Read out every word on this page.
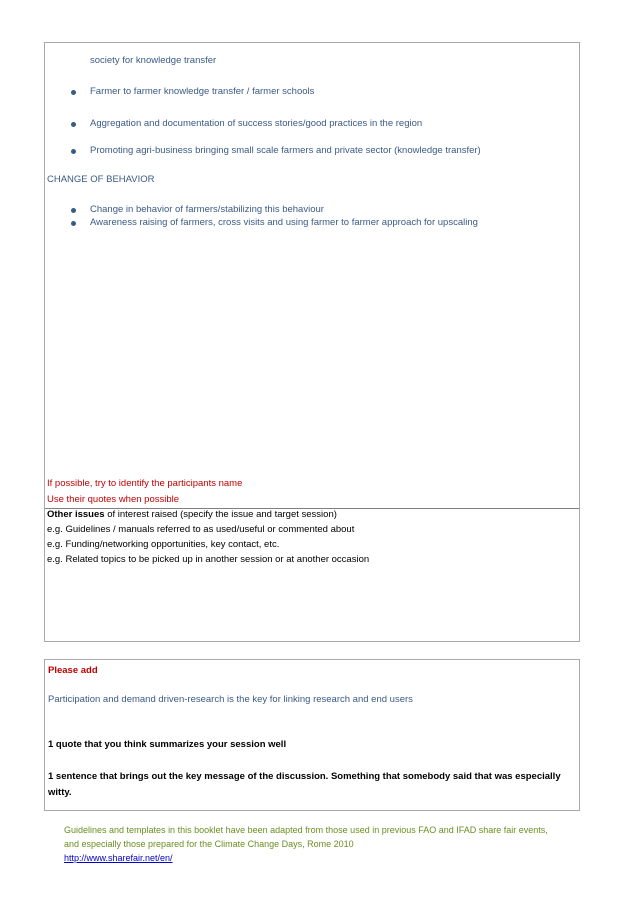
society for knowledge transfer
Farmer to farmer knowledge transfer / farmer schools
Aggregation and documentation of success stories/good practices in the region
Promoting agri-business bringing small scale farmers and private sector (knowledge transfer)
CHANGE OF BEHAVIOR
Change in behavior of farmers/stabilizing this behaviour
Awareness raising of farmers, cross visits and using farmer to farmer approach for upscaling
If possible, try to identify the participants name
Use their quotes when possible
Other issues of interest raised (specify the issue and target session)
e.g. Guidelines / manuals referred to as used/useful or commented about
e.g. Funding/networking opportunities, key contact, etc.
e.g. Related topics to be picked up in another session or at another occasion
Please add
Participation and demand driven-research is the key for linking research and end users
1 quote that you think summarizes your session well
1 sentence that brings out the key message of the discussion. Something that somebody said that was especially
witty.
Guidelines and templates in this booklet have been adapted from those used in previous FAO and IFAD share fair events,
and especially those prepared for the Climate Change Days, Rome 2010
http://www.sharefair.net/en/
